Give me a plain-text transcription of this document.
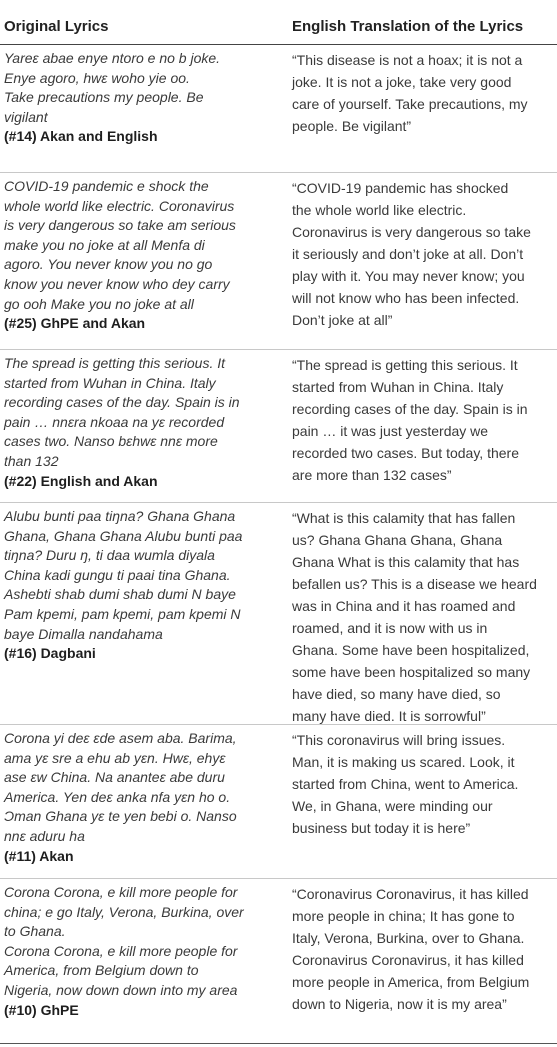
Original Lyrics	English Translation of the Lyrics
Yareɛ abae enye ntoro e no b joke.
Enye agoro, hwɛ woho yie oo.
Take precautions my people. Be
vigilant
(#14) Akan and English
“This disease is not a hoax; it is not a
joke. It is not a joke, take very good
care of yourself. Take precautions, my
people. Be vigilant”
COVID-19 pandemic e shock the
whole world like electric. Coronavirus
is very dangerous so take am serious
make you no joke at all Menfa di
agoro. You never know you no go
know you never know who dey carry
go ooh Make you no joke at all
(#25) GhPE and Akan
“COVID-19 pandemic has shocked
the whole world like electric.
Coronavirus is very dangerous so take
it seriously and don’t joke at all. Don’t
play with it. You may never know; you
will not know who has been infected.
Don’t joke at all”
The spread is getting this serious. It
started from Wuhan in China. Italy
recording cases of the day. Spain is in
pain … nnɛra nkoaa na yɛ recorded
cases two. Nanso bɛhwɛ nnɛ more
than 132
(#22) English and Akan
“The spread is getting this serious. It
started from Wuhan in China. Italy
recording cases of the day. Spain is in
pain … it was just yesterday we
recorded two cases. But today, there
are more than 132 cases”
Alubu bunti paa tiŋna? Ghana Ghana
Ghana, Ghana Ghana Alubu bunti paa
tiŋna? Duru ŋ, ti daa wumla diyala
China kadi gungu ti paai tina Ghana.
Ashebti shab dumi shab dumi N baye
Pam kpemi, pam kpemi, pam kpemi N
baye Dimalla nandahama
(#16) Dagbani
“What is this calamity that has fallen
us? Ghana Ghana Ghana, Ghana
Ghana What is this calamity that has
befallen us? This is a disease we heard
was in China and it has roamed and
roamed, and it is now with us in
Ghana. Some have been hospitalized,
some have been hospitalized so many
have died, so many have died, so
many have died. It is sorrowful”
Corona yi deɛ ɛde asem aba. Barima,
ama yɛ sre a ehu ab yɛn. Hwɛ, ehyɛ
ase ɛw China. Na ananteɛ abe duru
America. Yen deɛ anka nfa yɛn ho o.
Ɔman Ghana yɛ te yen bebi o. Nanso
nnɛ aduru ha
(#11) Akan
“This coronavirus will bring issues.
Man, it is making us scared. Look, it
started from China, went to America.
We, in Ghana, were minding our
business but today it is here”
Corona Corona, e kill more people for
china; e go Italy, Verona, Burkina, over
to Ghana.
Corona Corona, e kill more people for
America, from Belgium down to
Nigeria, now down down into my area
(#10) GhPE
“Coronavirus Coronavirus, it has killed
more people in china; It has gone to
Italy, Verona, Burkina, over to Ghana.
Coronavirus Coronavirus, it has killed
more people in America, from Belgium
down to Nigeria, now it is my area”
